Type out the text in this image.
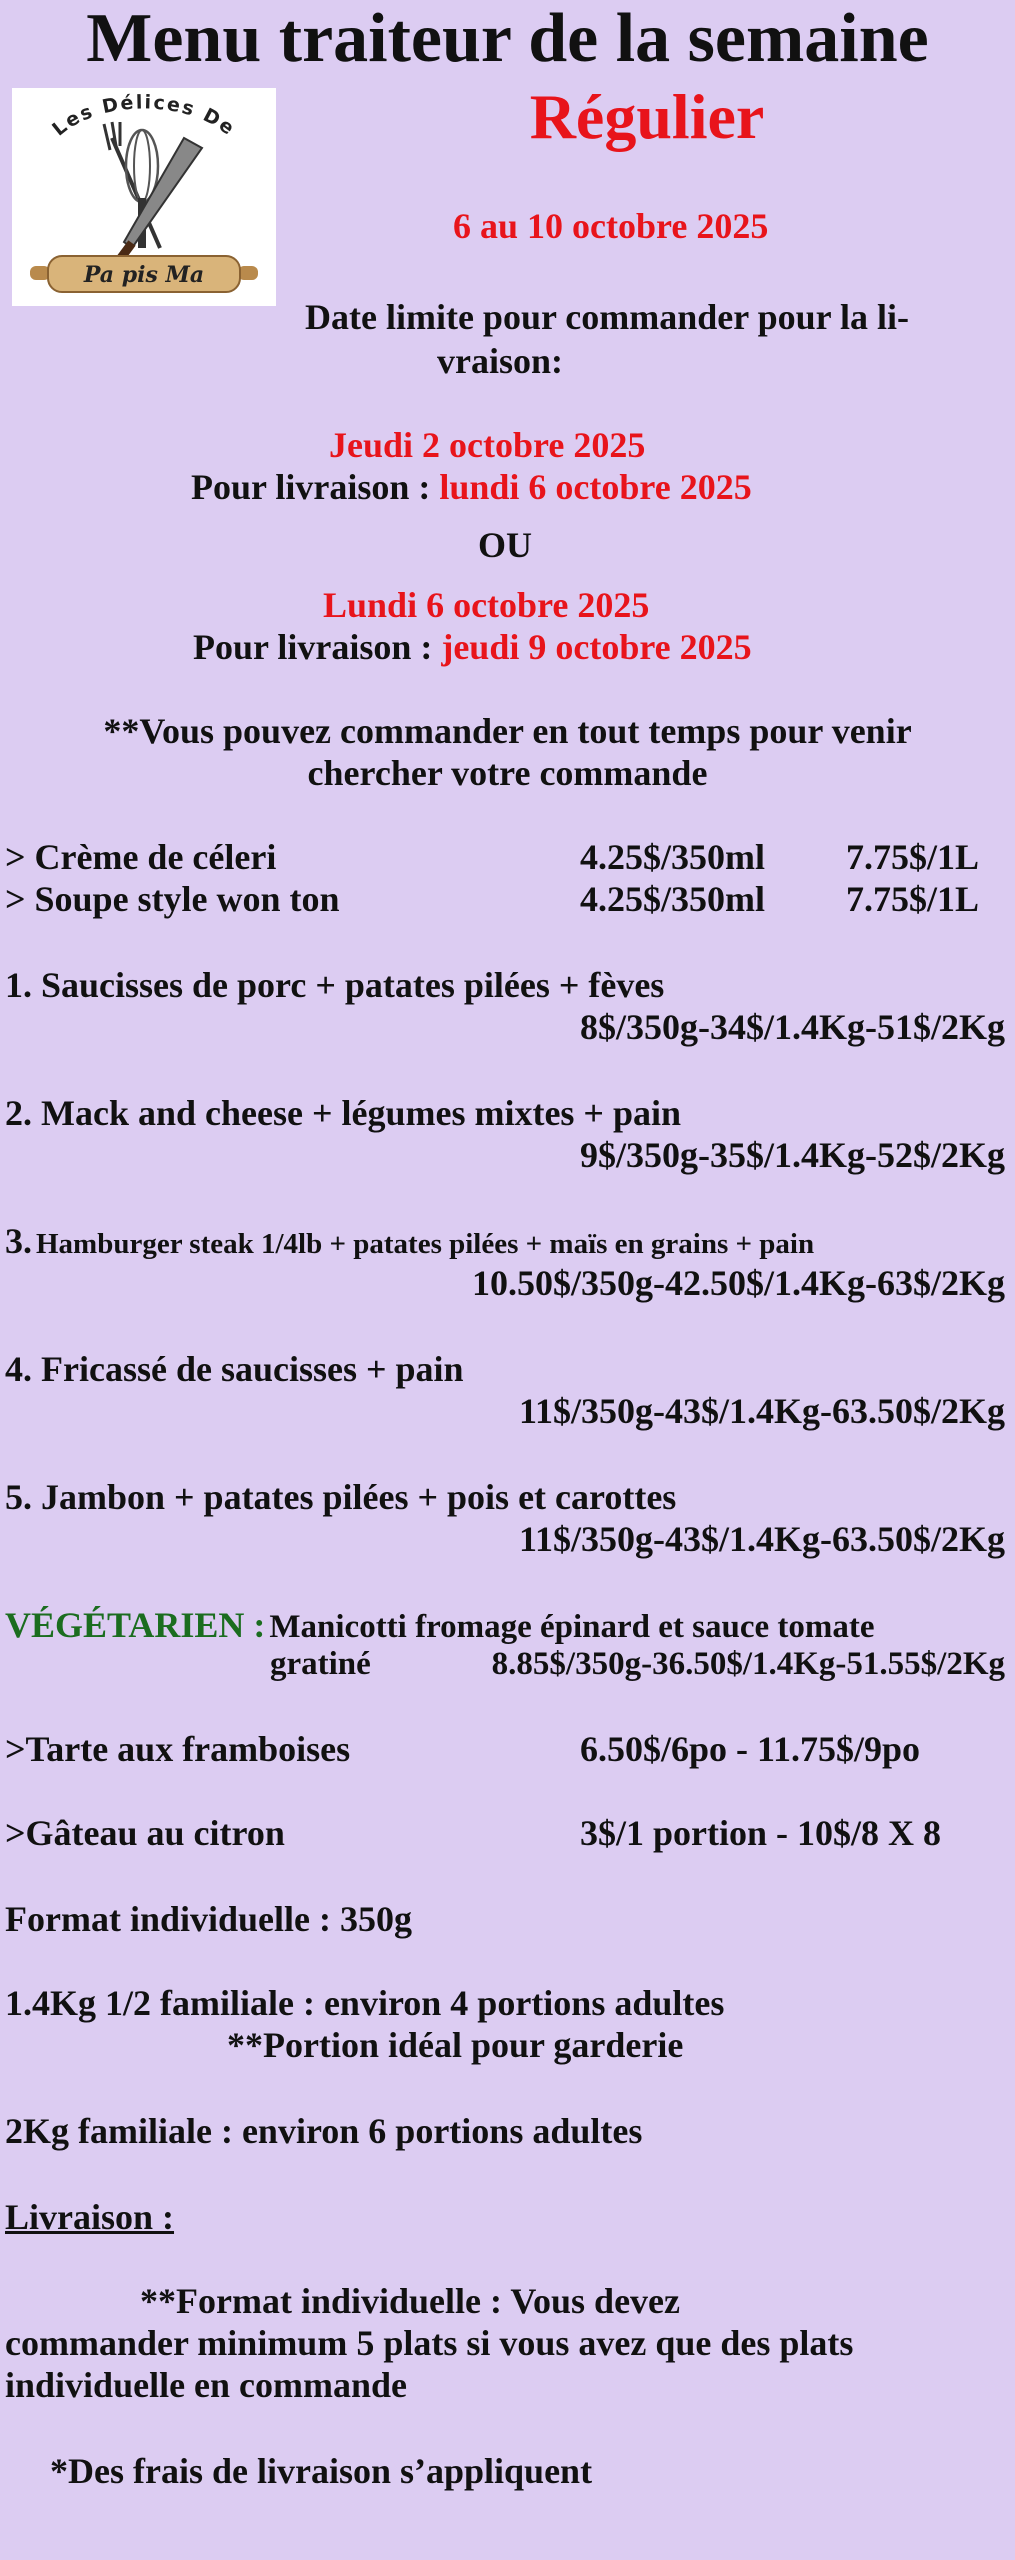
Menu traiteur de la semaine
Les Délices De
Pa pis Ma
Régulier
6 au 10 octobre 2025
Date limite pour commander pour la li-
vraison:
Jeudi 2 octobre 2025
Pour livraison : lundi 6 octobre 2025
OU
Lundi 6 octobre 2025
Pour livraison : jeudi 9 octobre 2025
**Vous pouvez commander en tout temps pour venir
chercher votre commande
> Crème de céleri	4.25$/350ml 7.75$/1L
> Soupe style won ton	4.25$/350ml 7.75$/1L
1. Saucisses de porc + patates pilées + fèves
8$/350g-34$/1.4Kg-51$/2Kg
2. Mack and cheese + légumes mixtes + pain
9$/350g-35$/1.4Kg-52$/2Kg
3. Hamburger steak 1/4lb + patates pilées + maïs en grains + pain
10.50$/350g-42.50$/1.4Kg-63$/2Kg
4. Fricassé de saucisses + pain
11$/350g-43$/1.4Kg-63.50$/2Kg
5. Jambon + patates pilées + pois et carottes
11$/350g-43$/1.4Kg-63.50$/2Kg
VÉGÉTARIEN : Manicotti fromage épinard et sauce tomate
gratiné	8.85$/350g-36.50$/1.4Kg-51.55$/2Kg
>Tarte aux framboises	6.50$/6po - 11.75$/9po
>Gâteau au citron	3$/1 portion - 10$/8 X 8
Format individuelle : 350g
1.4Kg 1/2 familiale : environ 4 portions adultes
**Portion idéal pour garderie
2Kg familiale : environ 6 portions adultes
Livraison :
**Format individuelle : Vous devez
commander minimum 5 plats si vous avez que des plats
individuelle en commande
*Des frais de livraison s’appliquent
